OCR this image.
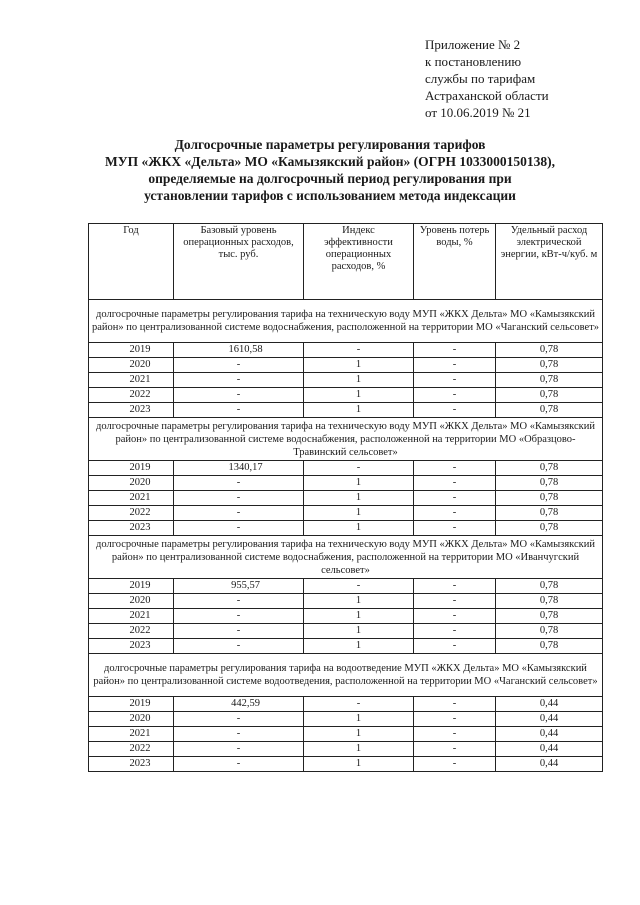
Приложение № 2
к постановлению
службы по тарифам
Астраханской области
от 10.06.2019 № 21
Долгосрочные параметры регулирования тарифов
МУП «ЖКХ «Дельта» МО «Камызякский район» (ОГРН 1033000150138),
определяемые на долгосрочный период регулирования при
установлении тарифов с использованием метода индексации
Год	Базовый уровень операционных расходов, тыс. руб.	Индекс эффективности операционных расходов, %	Уровень потерь воды, %	Удельный расход электрической энергии, кВт-ч/куб. м
долгосрочные параметры регулирования тарифа на техническую воду МУП «ЖКХ Дельта» МО «Камызякский район» по централизованной системе водоснабжения, расположенной на территории МО «Чаганский сельсовет»				
2019	1610,58	-	-	0,78
2020	-	1	-	0,78
2021	-	1	-	0,78
2022	-	1	-	0,78
2023	-	1	-	0,78
долгосрочные параметры регулирования тарифа на техническую воду МУП «ЖКХ Дельта» МО «Камызякский район» по централизованной системе водоснабжения, расположенной на территории МО «Образцово-Травинский сельсовет»				
2019	1340,17	-	-	0,78
2020	-	1	-	0,78
2021	-	1	-	0,78
2022	-	1	-	0,78
2023	-	1	-	0,78
долгосрочные параметры регулирования тарифа на техническую воду МУП «ЖКХ Дельта» МО «Камызякский район» по централизованной системе водоснабжения, расположенной на территории МО «Иванчугский сельсовет»				
2019	955,57	-	-	0,78
2020	-	1	-	0,78
2021	-	1	-	0,78
2022	-	1	-	0,78
2023	-	1	-	0,78
долгосрочные параметры регулирования тарифа на водоотведение МУП «ЖКХ Дельта» МО «Камызякский район» по централизованной системе водоотведения, расположенной на территории МО «Чаганский сельсовет»				
2019	442,59	-	-	0,44
2020	-	1	-	0,44
2021	-	1	-	0,44
2022	-	1	-	0,44
2023	-	1	-	0,44
